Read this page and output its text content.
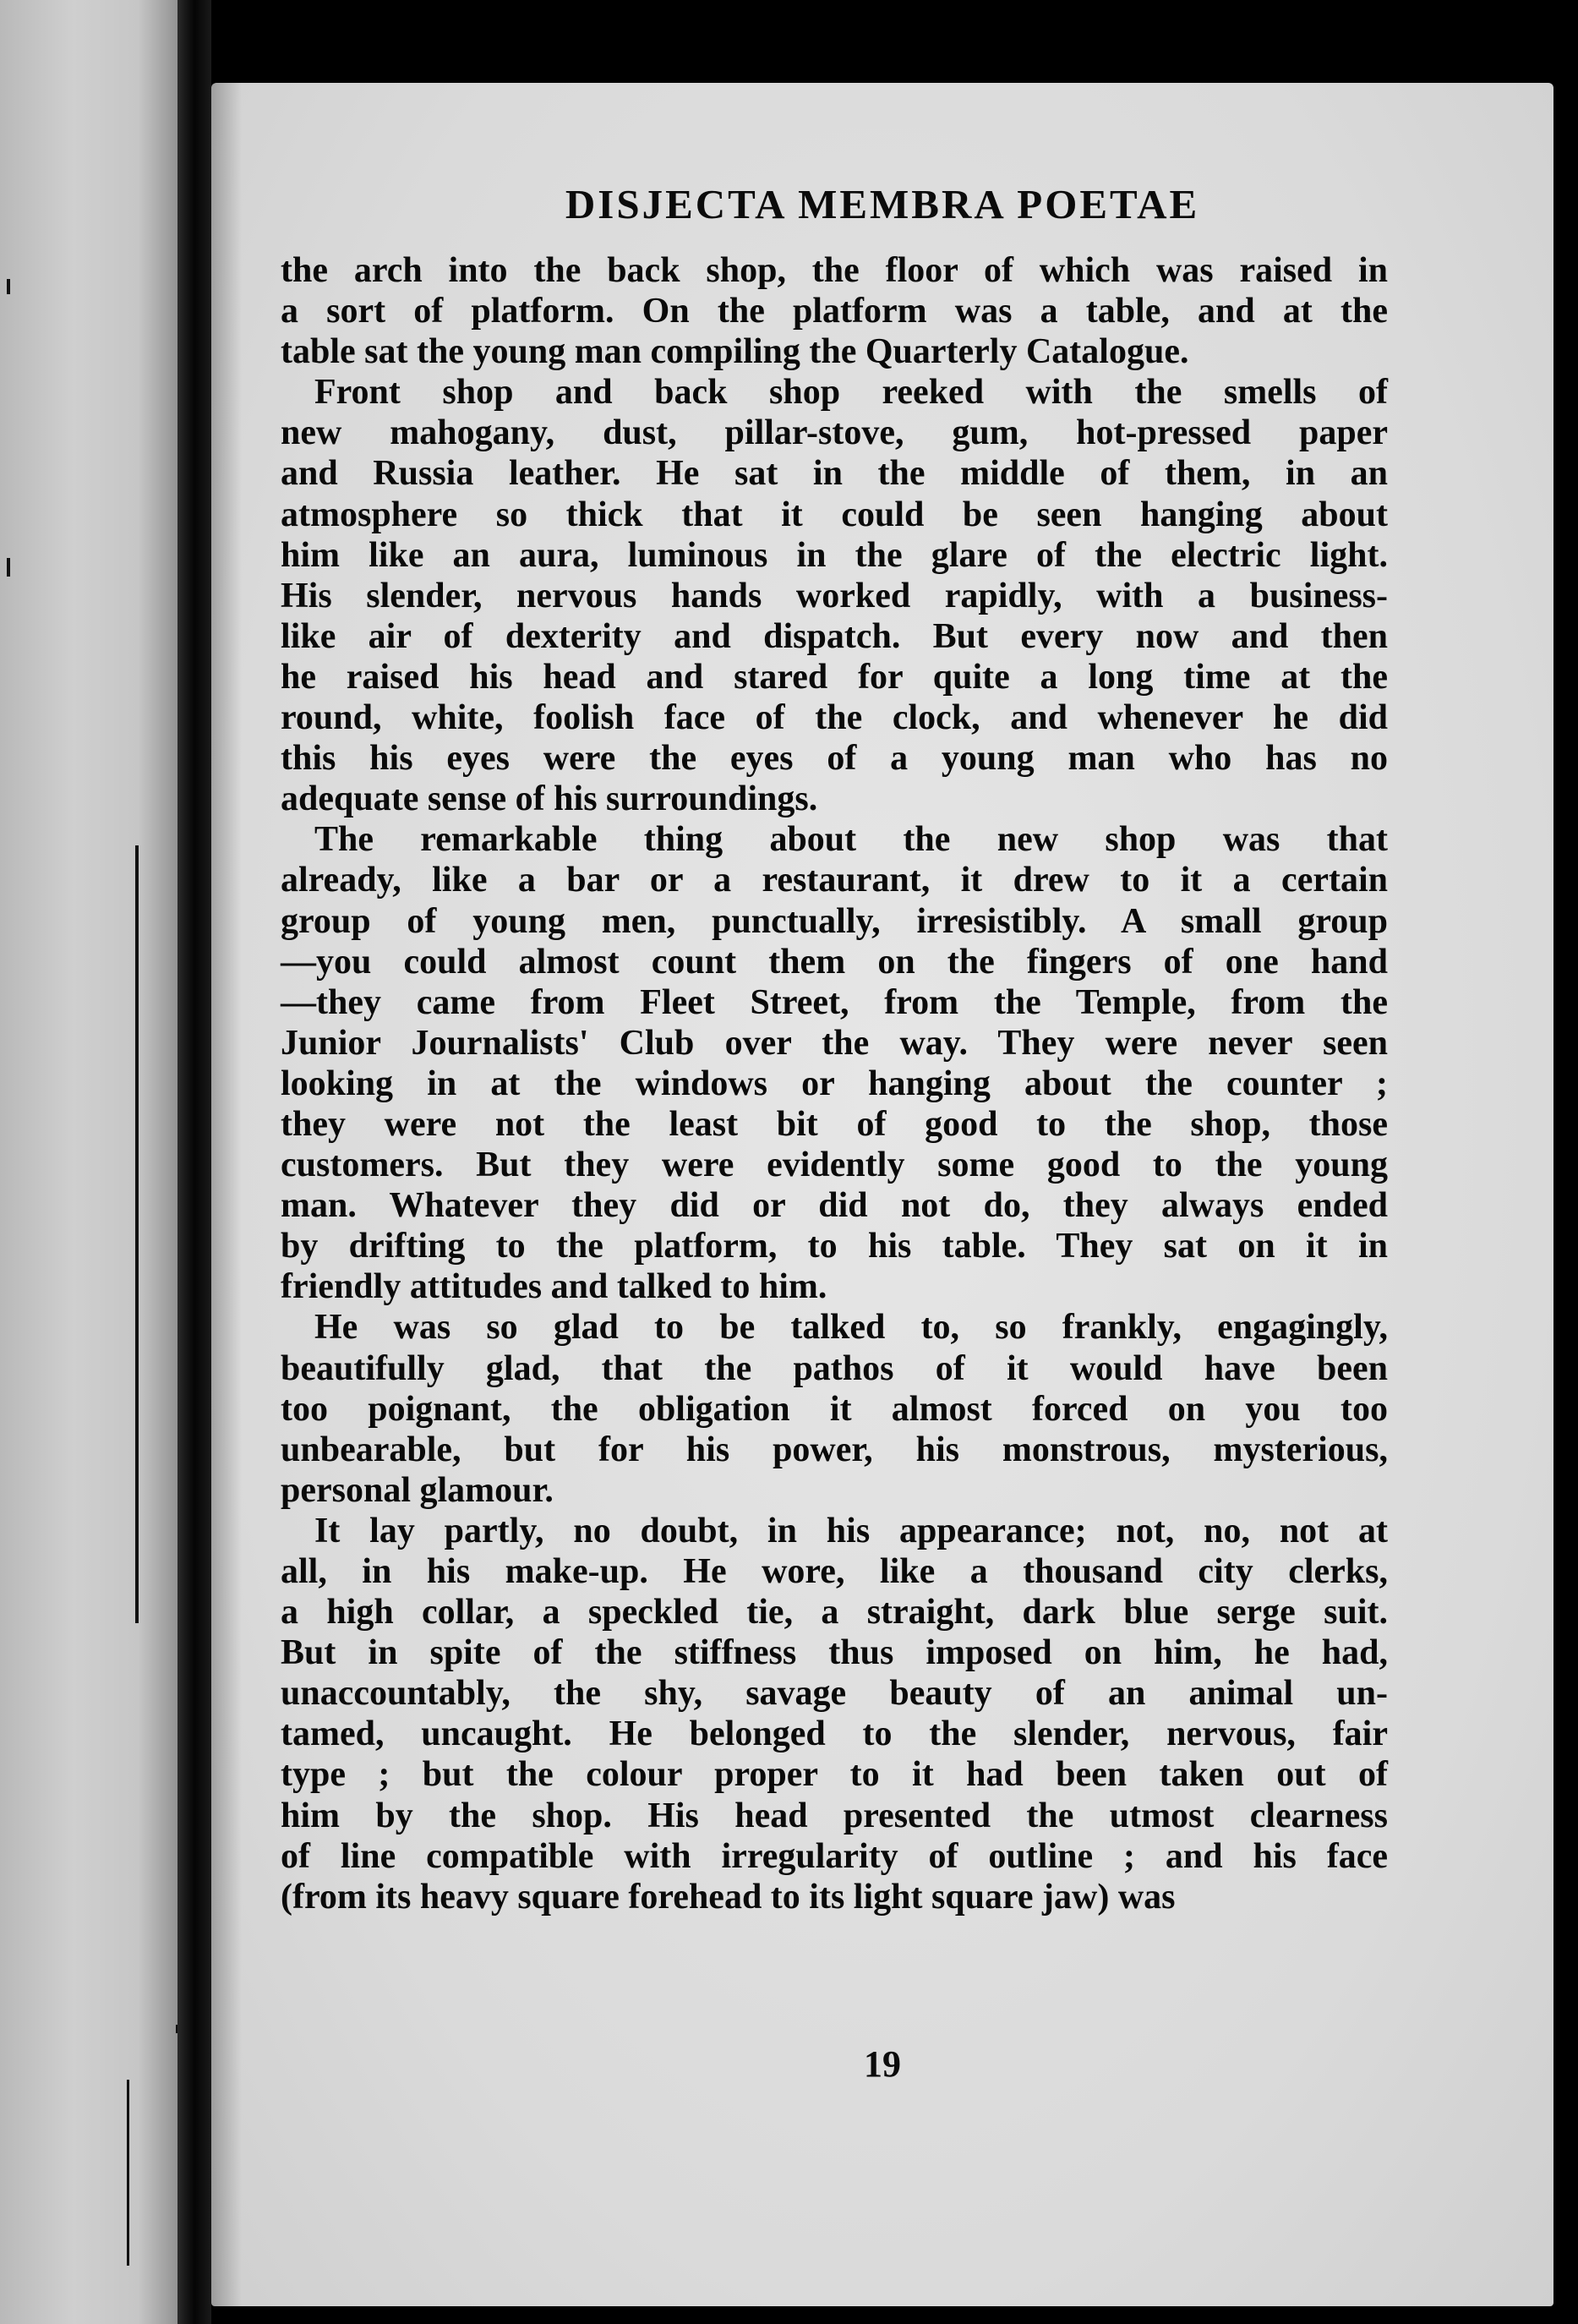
DISJECTA MEMBRA POETAE

the arch into the back shop, the floor of which was raised in
a sort of platform. On the platform was a table, and at the
table sat the young man compiling the Quarterly Catalogue.

Front shop and back shop reeked with the smells of
new mahogany, dust, pillar-stove, gum, hot-pressed paper
and Russia leather. He sat in the middle of them, in an
atmosphere so thick that it could be seen hanging about
him like an aura, luminous in the glare of the electric light.
His slender, nervous hands worked rapidly, with a business-
like air of dexterity and dispatch. But every now and then
he raised his head and stared for quite a long time at the
round, white, foolish face of the clock, and whenever he did
this his eyes were the eyes of a young man who has no
adequate sense of his surroundings.

The remarkable thing about the new shop was that
already, like a bar or a restaurant, it drew to it a certain
group of young men, punctually, irresistibly. A small group
—you could almost count them on the fingers of one hand
—they came from Fleet Street, from the Temple, from the
Junior Journalists' Club over the way. They were never seen
looking in at the windows or hanging about the counter ;
they were not the least bit of good to the shop, those
customers. But they were evidently some good to the young
man. Whatever they did or did not do, they always ended
by drifting to the platform, to his table. They sat on it in
friendly attitudes and talked to him.

He was so glad to be talked to, so frankly, engagingly,
beautifully glad, that the pathos of it would have been
too poignant, the obligation it almost forced on you too
unbearable, but for his power, his monstrous, mysterious,
personal glamour.

It lay partly, no doubt, in his appearance; not, no, not at
all, in his make-up. He wore, like a thousand city clerks,
a high collar, a speckled tie, a straight, dark blue serge suit.
But in spite of the stiffness thus imposed on him, he had,
unaccountably, the shy, savage beauty of an animal un-
tamed, uncaught. He belonged to the slender, nervous, fair
type ; but the colour proper to it had been taken out of
him by the shop. His head presented the utmost clearness
of line compatible with irregularity of outline ; and his face
(from its heavy square forehead to its light square jaw) was

19
